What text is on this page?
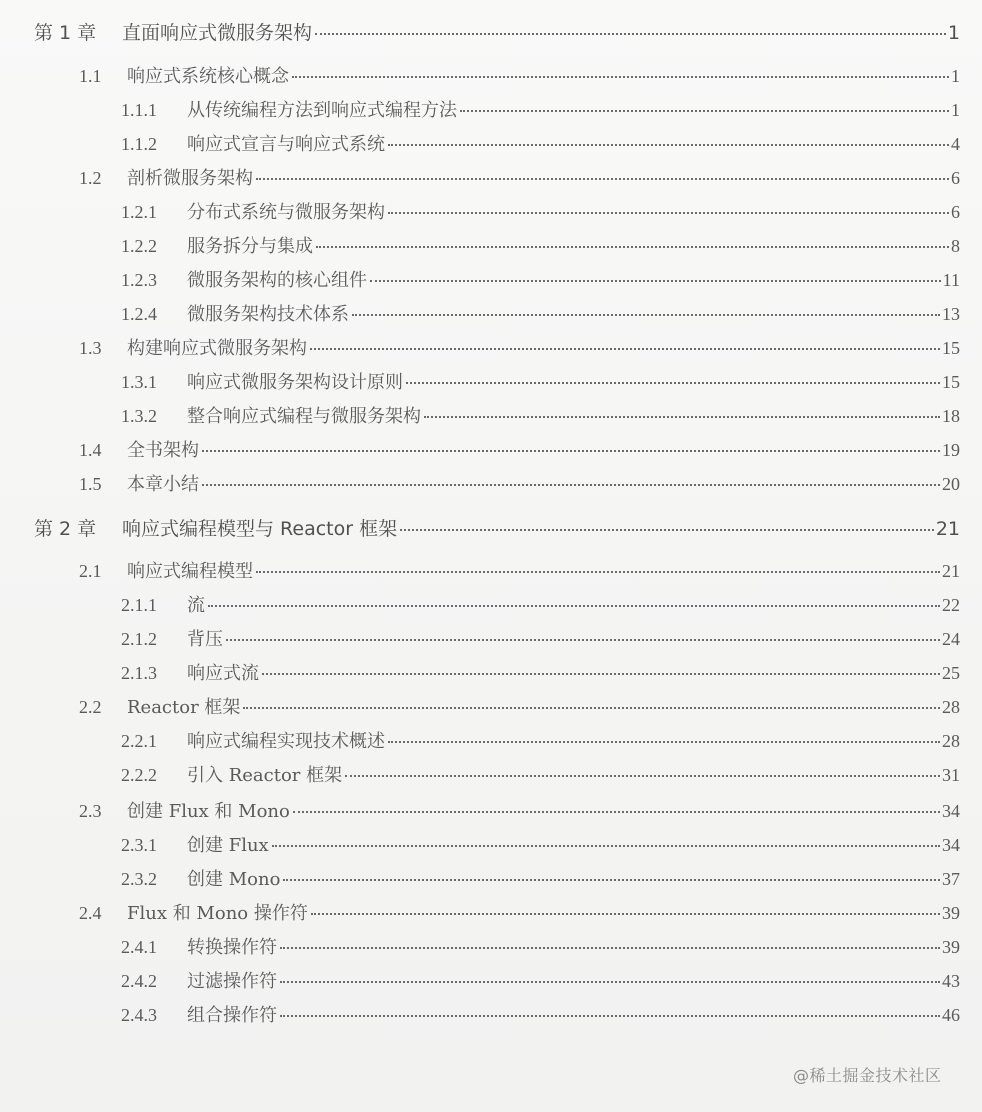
第 1 章	直面响应式微服务架构	1
1.1	响应式系统核心概念	1
1.1.1	从传统编程方法到响应式编程方法	1
1.1.2	响应式宣言与响应式系统	4
1.2	剖析微服务架构	6
1.2.1	分布式系统与微服务架构	6
1.2.2	服务拆分与集成	8
1.2.3	微服务架构的核心组件	11
1.2.4	微服务架构技术体系	13
1.3	构建响应式微服务架构	15
1.3.1	响应式微服务架构设计原则	15
1.3.2	整合响应式编程与微服务架构	18
1.4	全书架构	19
1.5	本章小结	20
第 2 章	响应式编程模型与 Reactor 框架	21
2.1	响应式编程模型	21
2.1.1	流	22
2.1.2	背压	24
2.1.3	响应式流	25
2.2	Reactor 框架	28
2.2.1	响应式编程实现技术概述	28
2.2.2	引入 Reactor 框架	31
2.3	创建 Flux 和 Mono	34
2.3.1	创建 Flux	34
2.3.2	创建 Mono	37
2.4	Flux 和 Mono 操作符	39
2.4.1	转换操作符	39
2.4.2	过滤操作符	43
2.4.3	组合操作符	46
@稀土掘金技术社区
